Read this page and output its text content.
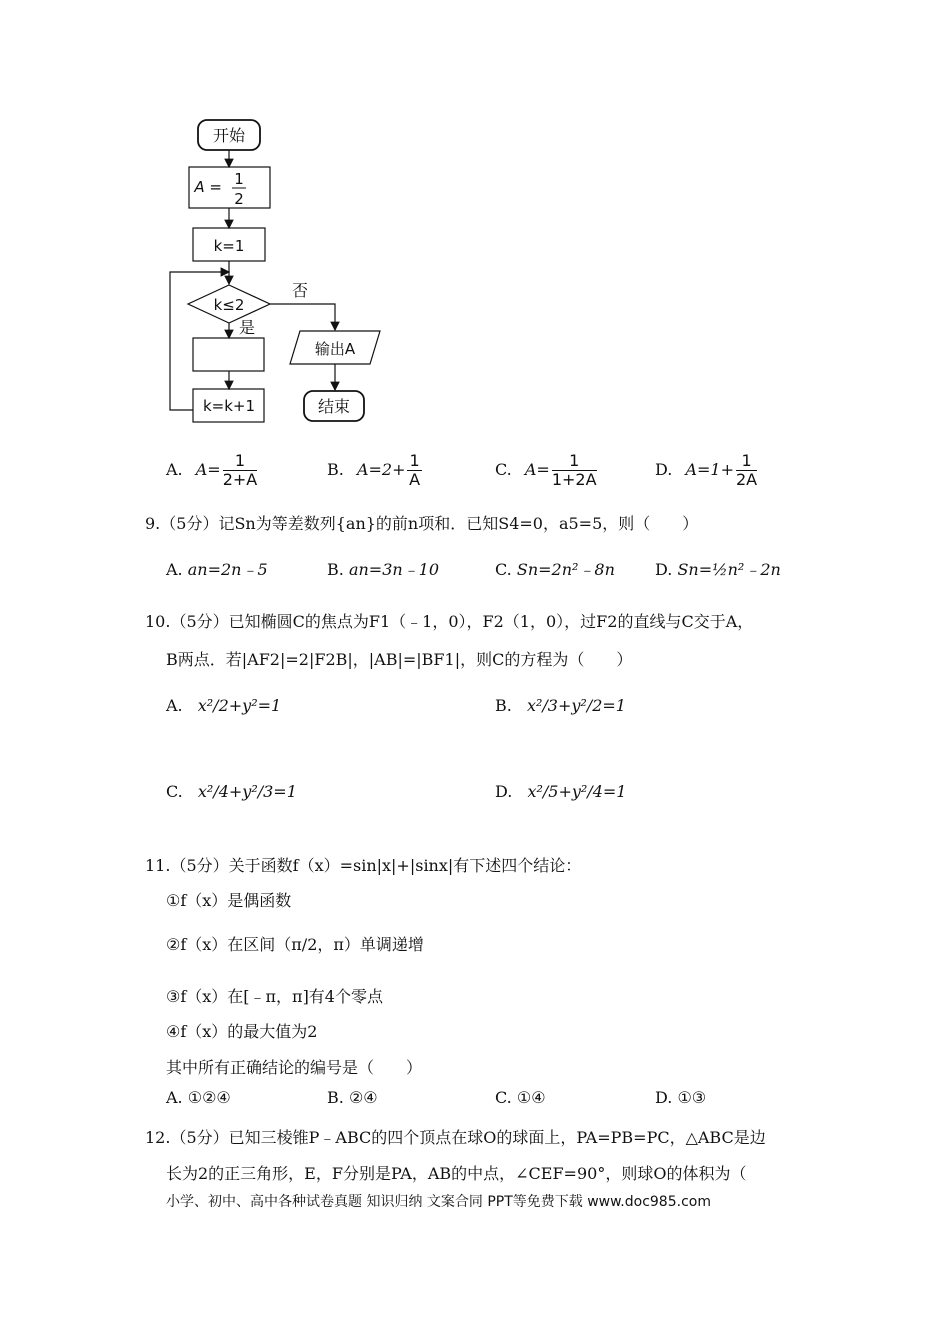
开始
A = 1
2
k=1
k≤2
否
是
输出A
结束
k=k+1
A. $A= \frac{1}{2+A}$	B. $A=2+ \frac{1}{A}$	C. $A= \frac{1}{1+2A}$	D. $A=1+ \frac{1}{2A}$
9.（5分）记Sn为等差数列{an}的前n项和．已知S4=0，a5=5，则（　　）
A. an=2n﹣5	B. an=3n﹣10	C. Sn=2n²﹣8n	D. Sn=½n²﹣2n
10.（5分）已知椭圆C的焦点为F1（﹣1，0），F2（1，0），过F2的直线与C交于A，
B两点．若|AF2|=2|F2B|，|AB|=|BF1|，则C的方程为（　　）
A. x²/2+y²=1	B. x²/3+y²/2=1
C. x²/4+y²/3=1	D. x²/5+y²/4=1
11.（5分）关于函数f（x）=sin|x|+|sinx|有下述四个结论：
①f（x）是偶函数
②f（x）在区间（π/2，π）单调递增
③f（x）在[﹣π，π]有4个零点
④f（x）的最大值为2
其中所有正确结论的编号是（　　）
A. ①②④	B. ②④	C. ①④	D. ①③
12.（5分）已知三棱锥P﹣ABC的四个顶点在球O的球面上，PA=PB=PC，△ABC是边
长为2的正三角形，E，F分别是PA，AB的中点，∠CEF=90°，则球O的体积为（
小学、初中、高中各种试卷真题 知识归纳 文案合同 PPT等免费下载 www.doc985.com
